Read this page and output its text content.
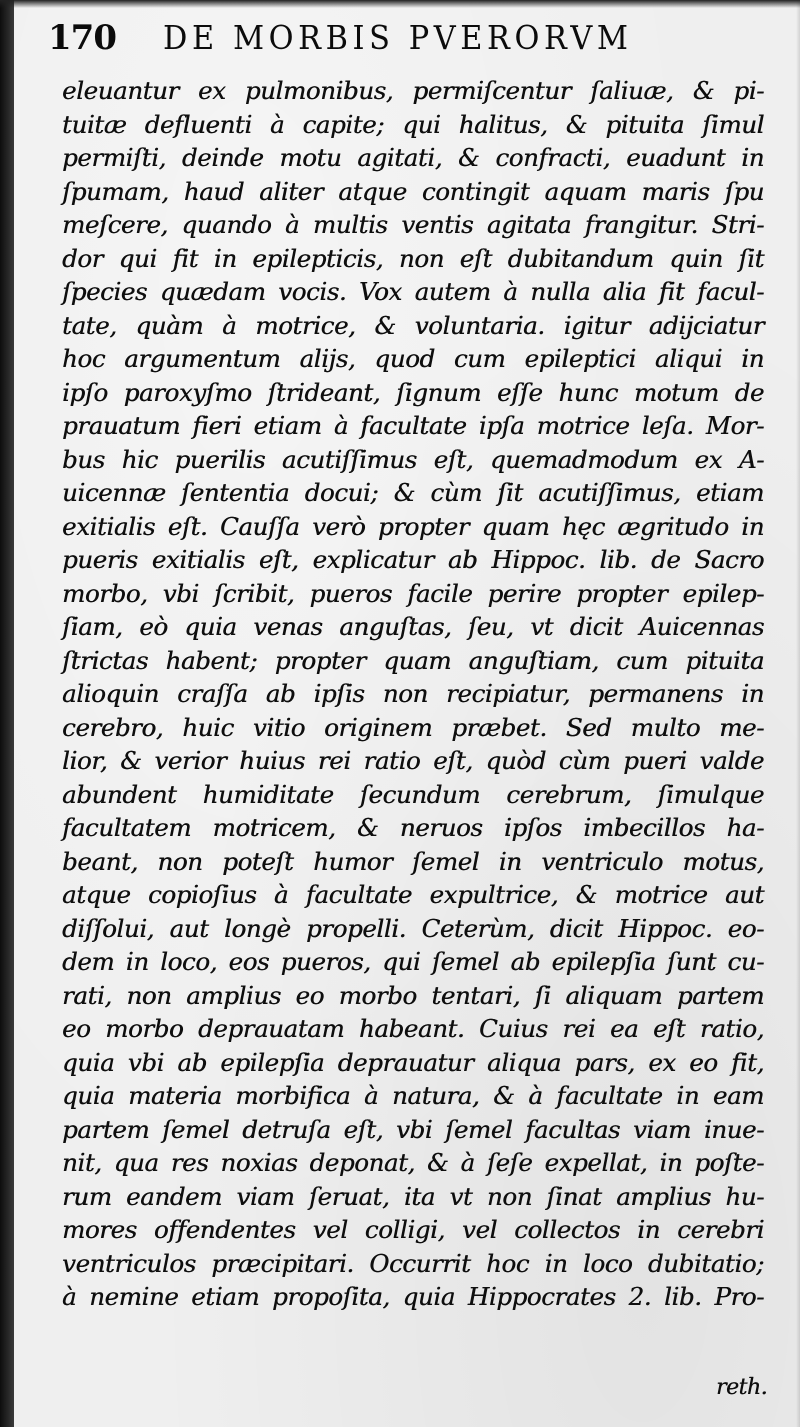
170 DE MORBIS PVERORVM
eleuantur ex pulmonibus, permiſcentur ſaliuæ, & pi-
tuitæ defluenti à capite; qui halitus, & pituita ſimul
permiſti, deinde motu agitati, & confracti, euadunt in
ſpumam, haud aliter atque contingit aquam maris ſpu
meſcere, quando à multis ventis agitata frangitur. Stri-
dor qui fit in epilepticis, non eſt dubitandum quin ſit
ſpecies quædam vocis. Vox autem à nulla alia fit facul-
tate, quàm à motrice, & voluntaria. igitur adijciatur
hoc argumentum alijs, quod cum epileptici aliqui in
ipſo paroxyſmo ſtrideant, ſignum eſſe hunc motum de
prauatum fieri etiam à facultate ipſa motrice leſa. Mor-
bus hic puerilis acutiſſimus eſt, quemadmodum ex A-
uicennæ ſententia docui; & cùm ſit acutiſſimus, etiam
exitialis eſt. Cauſſa verò propter quam hęc ægritudo in
pueris exitialis eſt, explicatur ab Hippoc. lib. de Sacro
morbo, vbi ſcribit, pueros facile perire propter epilep-
ſiam, eò quia venas anguſtas, ſeu, vt dicit Auicennas
ſtrictas habent; propter quam anguſtiam, cum pituita
alioquin craſſa ab ipſis non recipiatur, permanens in
cerebro, huic vitio originem præbet. Sed multo me-
lior, & verior huius rei ratio eſt, quòd cùm pueri valde
abundent humiditate ſecundum cerebrum, ſimulque
facultatem motricem, & neruos ipſos imbecillos ha-
beant, non poteſt humor ſemel in ventriculo motus,
atque copioſius à facultate expultrice, & motrice aut
diſſolui, aut longè propelli. Ceterùm, dicit Hippoc. eo-
dem in loco, eos pueros, qui ſemel ab epilepſia ſunt cu-
rati, non amplius eo morbo tentari, ſi aliquam partem
eo morbo deprauatam habeant. Cuius rei ea eſt ratio,
quia vbi ab epilepſia deprauatur aliqua pars, ex eo fit,
quia materia morbifica à natura, & à facultate in eam
partem ſemel detruſa eſt, vbi ſemel facultas viam inue-
nit, qua res noxias deponat, & à ſeſe expellat, in poſte-
rum eandem viam ſeruat, ita vt non ſinat amplius hu-
mores offendentes vel colligi, vel collectos in cerebri
ventriculos præcipitari. Occurrit hoc in loco dubitatio;
à nemine etiam propoſita, quia Hippocrates 2. lib. Pro-
reth.
